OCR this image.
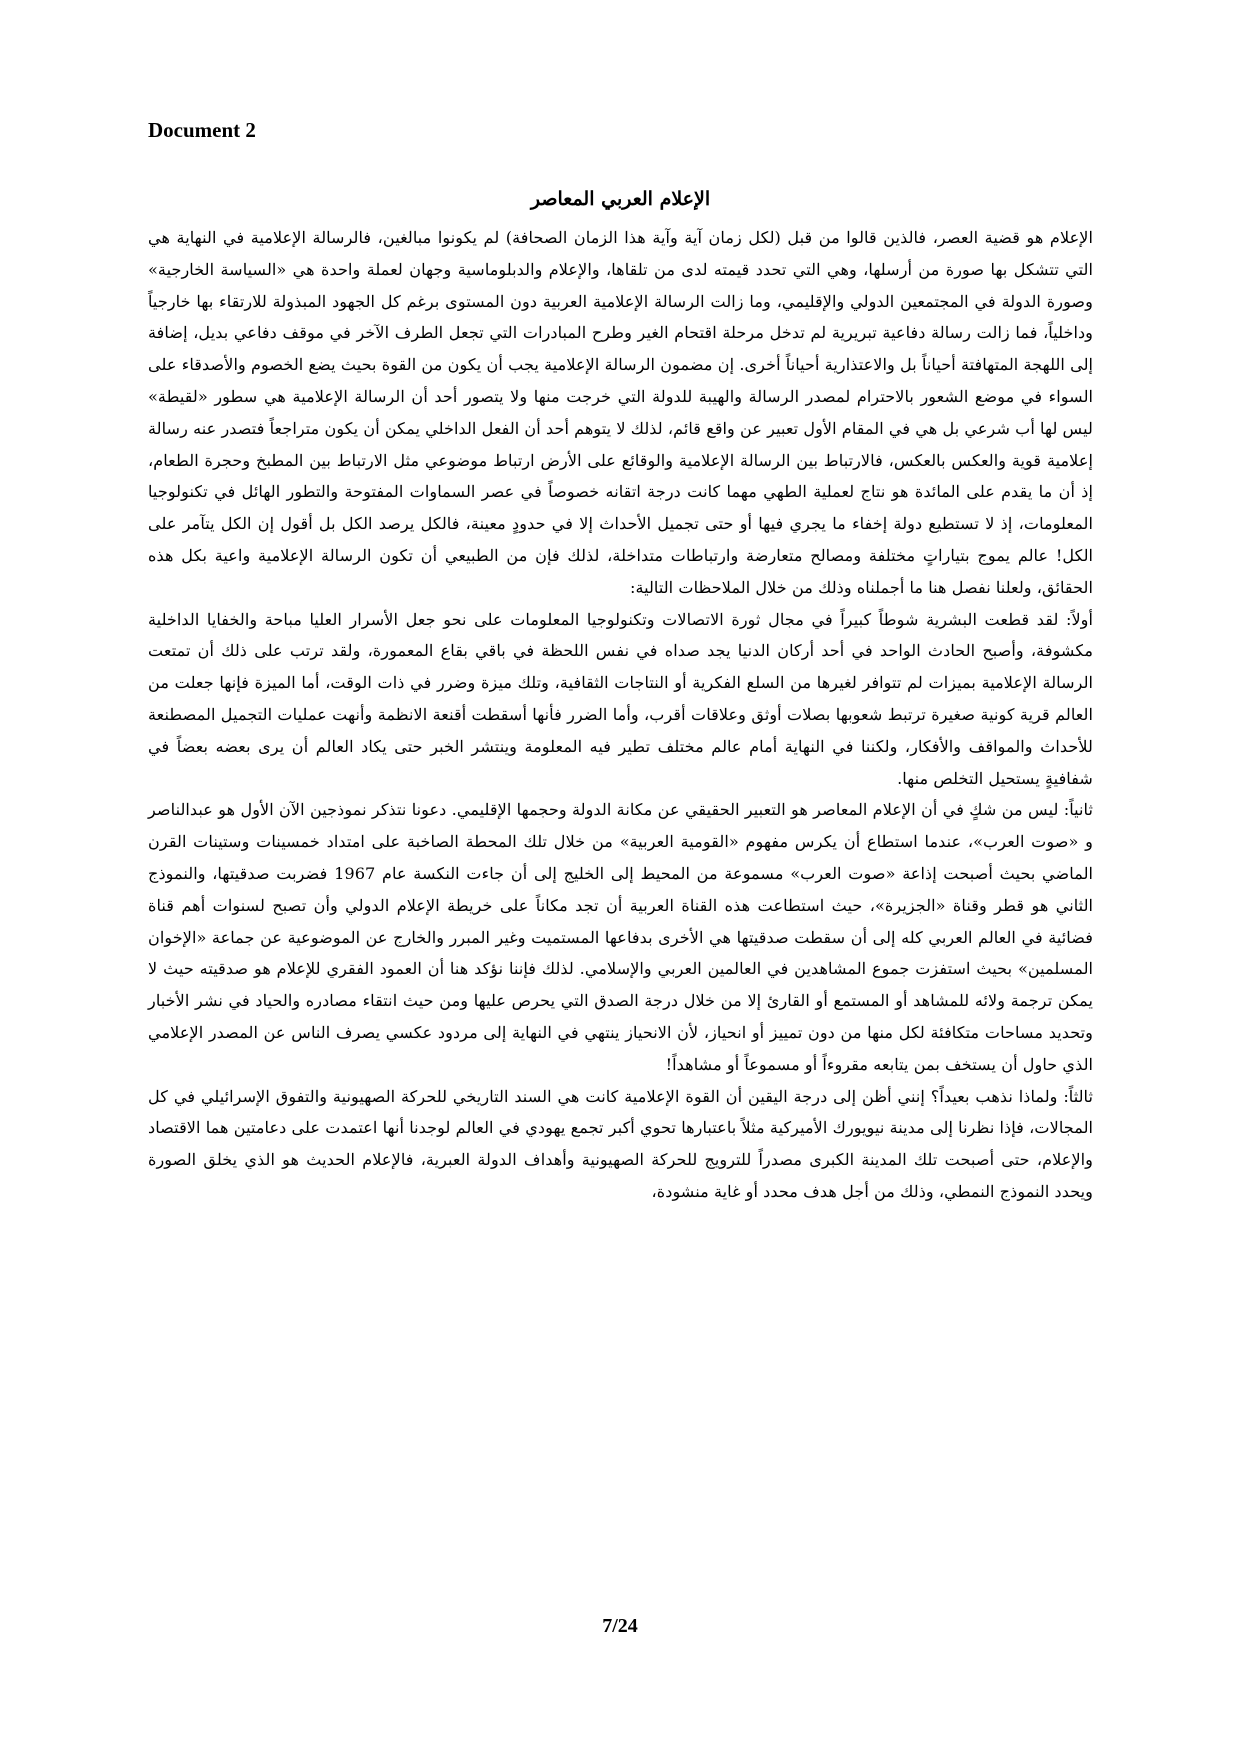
Document 2
الإعلام العربي المعاصر

الإعلام هو قضية العصر، فالذين قالوا من قبل (لكل زمان آية وآية هذا الزمان الصحافة) لم يكونوا مبالغين، فالرسالة الإعلامية في النهاية هي التي تتشكل بها صورة من أرسلها، وهي التي تحدد قيمته لدى من تلقاها، والإعلام والدبلوماسية وجهان لعملة واحدة هي «السياسة الخارجية» وصورة الدولة في المجتمعين الدولي والإقليمي، وما زالت الرسالة الإعلامية العربية دون المستوى برغم كل الجهود المبذولة للارتقاء بها خارجياً وداخلياً، فما زالت رسالة دفاعية تبريرية لم تدخل مرحلة اقتحام الغير وطرح المبادرات التي تجعل الطرف الآخر في موقف دفاعي بديل، إضافة إلى اللهجة المتهافتة أحياناً بل والاعتذارية أحياناً أخرى. إن مضمون الرسالة الإعلامية يجب أن يكون من القوة بحيث يضع الخصوم والأصدقاء على السواء في موضع الشعور بالاحترام لمصدر الرسالة والهيبة للدولة التي خرجت منها ولا يتصور أحد أن الرسالة الإعلامية هي سطور «لقيطة» ليس لها أب شرعي بل هي في المقام الأول تعبير عن واقع قائم، لذلك لا يتوهم أحد أن الفعل الداخلي يمكن أن يكون متراجعاً فتصدر عنه رسالة إعلامية قوية والعكس بالعكس، فالارتباط بين الرسالة الإعلامية والوقائع على الأرض ارتباط موضوعي مثل الارتباط بين المطبخ وحجرة الطعام، إذ أن ما يقدم على المائدة هو نتاج لعملية الطهي مهما كانت درجة اتقانه خصوصاً في عصر السماوات المفتوحة والتطور الهائل في تكنولوجيا المعلومات، إذ لا تستطيع دولة إخفاء ما يجري فيها أو حتى تجميل الأحداث إلا في حدودٍ معينة، فالكل يرصد الكل بل أقول إن الكل يتآمر على الكل! عالم يموج بتياراتٍ مختلفة ومصالح متعارضة وارتباطات متداخلة، لذلك فإن من الطبيعي أن تكون الرسالة الإعلامية واعية بكل هذه الحقائق، ولعلنا نفصل هنا ما أجملناه وذلك من خلال الملاحظات التالية:

أولاً: لقد قطعت البشرية شوطاً كبيراً في مجال ثورة الاتصالات وتكنولوجيا المعلومات على نحو جعل الأسرار العليا مباحة والخفايا الداخلية مكشوفة، وأصبح الحادث الواحد في أحد أركان الدنيا يجد صداه في نفس اللحظة في باقي بقاع المعمورة، ولقد ترتب على ذلك أن تمتعت الرسالة الإعلامية بميزات لم تتوافر لغيرها من السلع الفكرية أو النتاجات الثقافية، وتلك ميزة وضرر في ذات الوقت، أما الميزة فإنها جعلت من العالم قرية كونية صغيرة ترتبط شعوبها بصلات أوثق وعلاقات أقرب، وأما الضرر فأنها أسقطت أقنعة الانظمة وأنهت عمليات التجميل المصطنعة للأحداث والمواقف والأفكار، ولكننا في النهاية أمام عالم مختلف تطير فيه المعلومة وينتشر الخبر حتى يكاد العالم أن يرى بعضه بعضاً في شفافيةٍ يستحيل التخلص منها.

ثانياً: ليس من شكٍ في أن الإعلام المعاصر هو التعبير الحقيقي عن مكانة الدولة وحجمها الإقليمي. دعونا نتذكر نموذجين الآن الأول هو عبدالناصر و «صوت العرب»، عندما استطاع أن يكرس مفهوم «القومية العربية» من خلال تلك المحطة الصاخبة على امتداد خمسينات وستينات القرن الماضي بحيث أصبحت إذاعة «صوت العرب» مسموعة من المحيط إلى الخليج إلى أن جاءت النكسة عام 1967 فضربت صدقيتها، والنموذج الثاني هو قطر وقناة «الجزيرة»، حيث استطاعت هذه القناة العربية أن تجد مكاناً على خريطة الإعلام الدولي وأن تصبح لسنوات أهم قناة فضائية في العالم العربي كله إلى أن سقطت صدقيتها هي الأخرى بدفاعها المستميت وغير المبرر والخارج عن الموضوعية عن جماعة «الإخوان المسلمين» بحيث استفزت جموع المشاهدين في العالمين العربي والإسلامي. لذلك فإننا نؤكد هنا أن العمود الفقري للإعلام هو صدقيته حيث لا يمكن ترجمة ولائه للمشاهد أو المستمع أو القارئ إلا من خلال درجة الصدق التي يحرص عليها ومن حيث انتقاء مصادره والحياد في نشر الأخبار وتحديد مساحات متكافئة لكل منها من دون تمييز أو انحياز، لأن الانحياز ينتهي في النهاية إلى مردود عكسي يصرف الناس عن المصدر الإعلامي الذي حاول أن يستخف بمن يتابعه مقروءاً أو مسموعاً أو مشاهداً!

ثالثاً: ولماذا نذهب بعيداً؟ إنني أظن إلى درجة اليقين أن القوة الإعلامية كانت هي السند التاريخي للحركة الصهيونية والتفوق الإسرائيلي في كل المجالات، فإذا نظرنا إلى مدينة نيويورك الأميركية مثلاً باعتبارها تحوي أكبر تجمع يهودي في العالم لوجدنا أنها اعتمدت على دعامتين هما الاقتصاد والإعلام، حتى أصبحت تلك المدينة الكبرى مصدراً للترويج للحركة الصهيونية وأهداف الدولة العبرية، فالإعلام الحديث هو الذي يخلق الصورة ويحدد النموذج النمطي، وذلك من أجل هدف محدد أو غاية منشودة،

7/24
